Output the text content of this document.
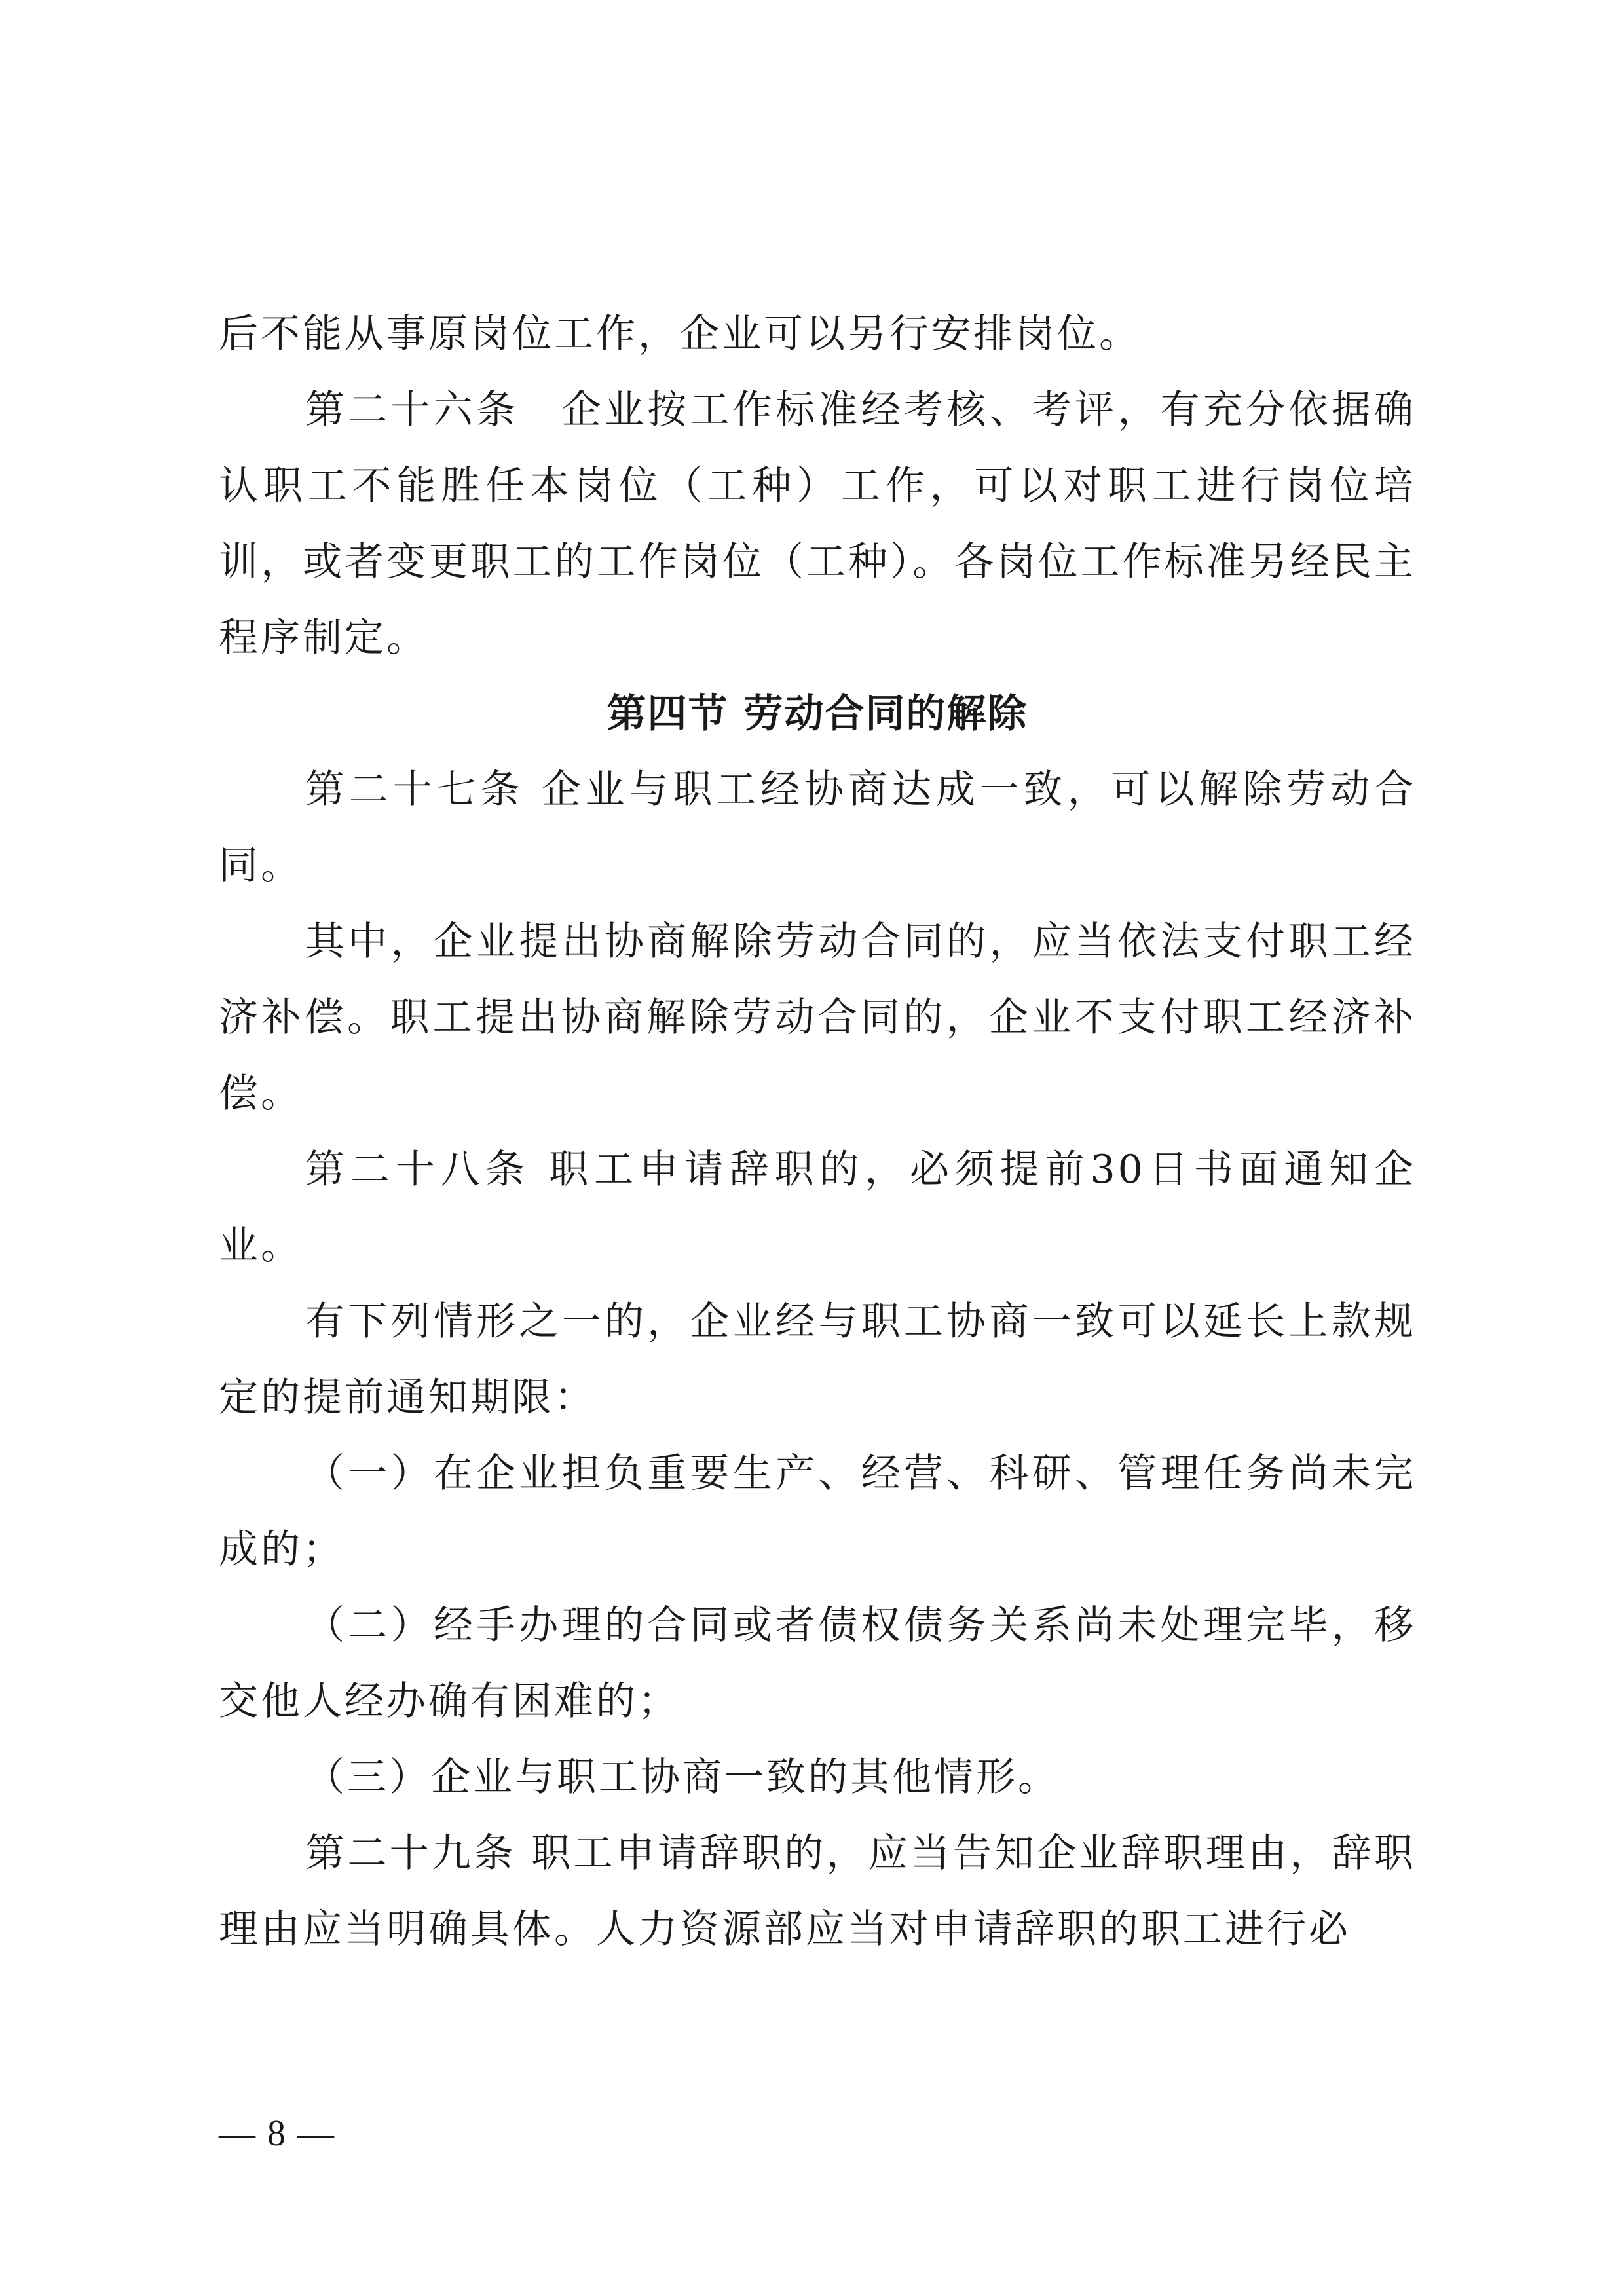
后不能从事原岗位工作，企业可以另行安排岗位。

第二十六条　企业按工作标准经考核、考评，有充分依据确认职工不能胜任本岗位（工种）工作，可以对职工进行岗位培训，或者变更职工的工作岗位（工种）。各岗位工作标准另经民主程序制定。

第四节 劳动合同的解除

第二十七条 企业与职工经协商达成一致，可以解除劳动合同。

其中，企业提出协商解除劳动合同的，应当依法支付职工经济补偿。职工提出协商解除劳动合同的，企业不支付职工经济补偿。

第二十八条 职工申请辞职的，必须提前30日书面通知企业。

有下列情形之一的，企业经与职工协商一致可以延长上款规定的提前通知期限：

（一）在企业担负重要生产、经营、科研、管理任务尚未完成的；

（二）经手办理的合同或者债权债务关系尚未处理完毕，移交他人经办确有困难的；

（三）企业与职工协商一致的其他情形。

第二十九条 职工申请辞职的，应当告知企业辞职理由，辞职理由应当明确具体。人力资源部应当对申请辞职的职工进行必

— 8 —
